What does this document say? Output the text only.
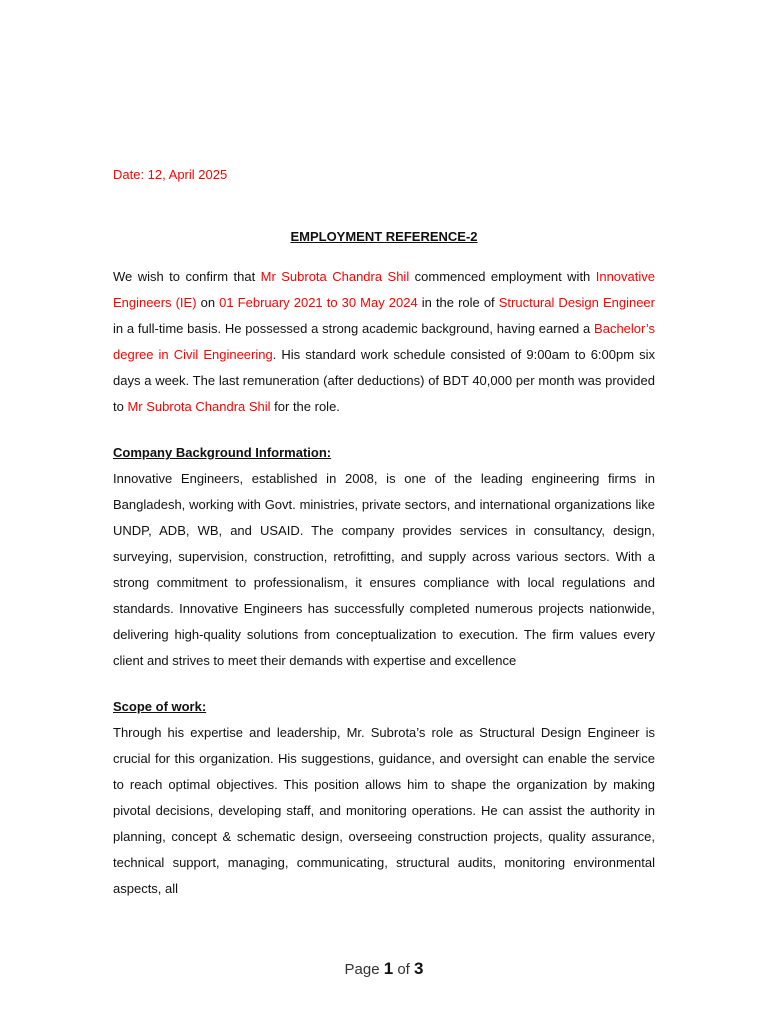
Date: 12, April 2025

EMPLOYMENT REFERENCE-2

We wish to confirm that Mr Subrota Chandra Shil commenced employment with Innovative Engineers (IE) on 01 February 2021 to 30 May 2024 in the role of Structural Design Engineer in a full-time basis. He possessed a strong academic background, having earned a Bachelor’s degree in Civil Engineering. His standard work schedule consisted of 9:00am to 6:00pm six days a week. The last remuneration (after deductions) of BDT 40,000 per month was provided to Mr Subrota Chandra Shil for the role.

Company Background Information:

Innovative Engineers, established in 2008, is one of the leading engineering firms in Bangladesh, working with Govt. ministries, private sectors, and international organizations like UNDP, ADB, WB, and USAID. The company provides services in consultancy, design, surveying, supervision, construction, retrofitting, and supply across various sectors. With a strong commitment to professionalism, it ensures compliance with local regulations and standards. Innovative Engineers has successfully completed numerous projects nationwide, delivering high-quality solutions from conceptualization to execution. The firm values every client and strives to meet their demands with expertise and excellence

Scope of work:

Through his expertise and leadership, Mr. Subrota’s role as Structural Design Engineer is crucial for this organization. His suggestions, guidance, and oversight can enable the service to reach optimal objectives. This position allows him to shape the organization by making pivotal decisions, developing staff, and monitoring operations. He can assist the authority in planning, concept & schematic design, overseeing construction projects, quality assurance, technical support, managing, communicating, structural audits, monitoring environmental aspects, all

Page 1 of 3
